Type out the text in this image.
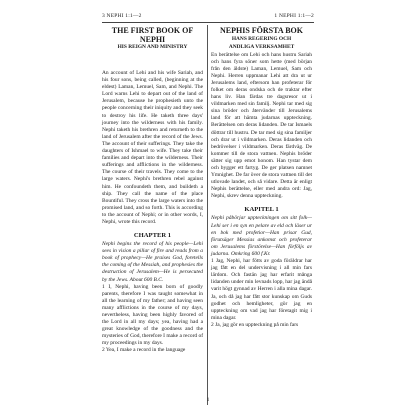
3 NEPHI 1:1—2	1 NEPHI 1:1—2

THE FIRST BOOK OF NEPHI

HIS REIGN AND MINISTRY

An account of Lehi and his wife Sariah, and his four sons, being called, (beginning at the eldest) Laman, Lemuel, Sam, and Nephi. The Lord warns Lehi to depart out of the land of Jerusalem, because he prophesieth unto the people concerning their iniquity and they seek to destroy his life. He taketh three days' journey into the wilderness with his family. Nephi taketh his brethren and returneth to the land of Jerusalem after the record of the Jews. The account of their sufferings. They take the daughters of Ishmael to wife. They take their families and depart into the wilderness. Their sufferings and afflictions in the wilderness. The course of their travels. They come to the large waters. Nephi's brethren rebel against him. He confoundeth them, and buildeth a ship. They call the name of the place Bountiful. They cross the large waters into the promised land, and so forth. This is according to the account of Nephi; or in other words, I, Nephi, wrote this record.

CHAPTER 1

Nephi begins the record of his people—Lehi sees in vision a pillar of fire and reads from a book of prophecy—He praises God, foretells the coming of the Messiah, and prophesies the destruction of Jerusalem—He is persecuted by the Jews. About 600 B.C.

1 I, Nephi, having been born of goodly parents, therefore I was taught somewhat in all the learning of my father; and having seen many afflictions in the course of my days, nevertheless, having been highly favored of the Lord in all my days; yea, having had a great knowledge of the goodness and the mysteries of God, therefore I make a record of my proceedings in my days.

2 Yea, I make a record in the language

NEPHIS FÖRSTA BOK

HANS REGERING OCH

ANDLIGA VERKSAMHET

En berättelse om Lehi och hans hustru Sariah och hans fyra söner som hette (med början från den äldste) Laman, Lemuel, Sam och Nephi. Herren uppmanar Lehi att dra ut ur Jerusalems land, eftersom han profeterar för folket om deras ondska och de traktar efter hans liv. Han färdas tre dagsresor ut i vildmarken med sin familj. Nephi tar med sig sina bröder och återvänder till Jerusalems land för att hämta judarnas uppteckning. Berättelsen om deras lidanden. De tar Ismaels döttrar till hustru. De tar med sig sina familjer och drar ut i vildmarken. Deras lidanden och bedrövelser i vildmarken. Deras färdväg. De kommer till de stora vattnen. Nephis bröder sätter sig upp emot honom. Han tystar dem och bygger ett fartyg. De ger platsen namnet Ymnighet. De far över de stora vattnen till det utlovade landet, och så vidare. Detta är enligt Nephis berättelse, eller med andra ord: Jag, Nephi, skrev denna uppteckning.

KAPITEL 1

Nephi påbörjar uppteckningen om sitt folk—Lehi ser i en syn en pelare av eld och läser ur en bok med profetior—Han prisar Gud, förutsäger Messias ankomst och profeterar om Jerusalems förstörelse—Han förföljs av judarna. Omkring 600 f.Kr.

1 Jag, Nephi, har fötts av goda föräldrar har jag fått en del undervisning i all min fars lärdom. Och fastän jag har erfarit många lidanden under min levnads lopp, har jag ändå varit högt gynnad av Herren i alla mina dagar. Ja, och då jag har fått stor kunskap om Guds godhet och hemligheter, gör jag en uppteckning om vad jag har företagit mig i mina dagar.

2 Ja, jag gör en uppteckning på min fars

1
